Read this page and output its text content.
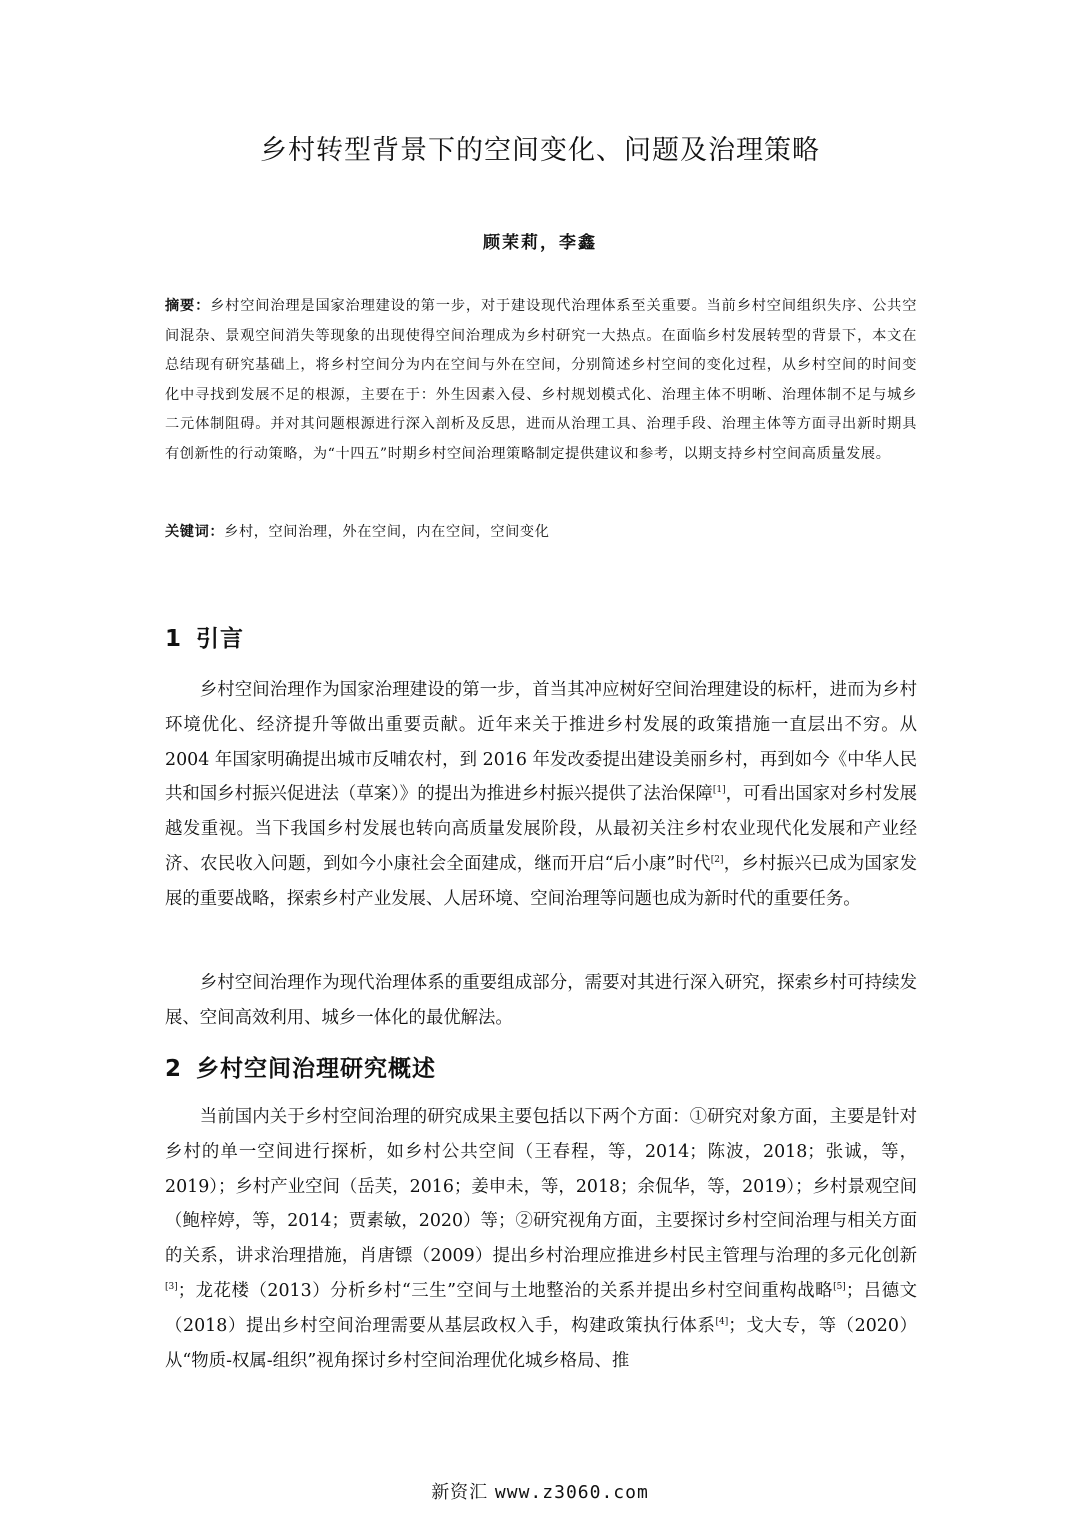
乡村转型背景下的空间变化、问题及治理策略
顾茉莉，李鑫
摘要：乡村空间治理是国家治理建设的第一步，对于建设现代治理体系至关重要。当前乡村空间组织失序、公共空间混杂、景观空间消失等现象的出现使得空间治理成为乡村研究一大热点。在面临乡村发展转型的背景下，本文在总结现有研究基础上，将乡村空间分为内在空间与外在空间，分别简述乡村空间的变化过程，从乡村空间的时间变化中寻找到发展不足的根源，主要在于：外生因素入侵、乡村规划模式化、治理主体不明晰、治理体制不足与城乡二元体制阻碍。并对其问题根源进行深入剖析及反思，进而从治理工具、治理手段、治理主体等方面寻出新时期具有创新性的行动策略，为“十四五”时期乡村空间治理策略制定提供建议和参考，以期支持乡村空间高质量发展。
关键词：乡村，空间治理，外在空间，内在空间，空间变化
1 引言
乡村空间治理作为国家治理建设的第一步，首当其冲应树好空间治理建设的标杆，进而为乡村环境优化、经济提升等做出重要贡献。近年来关于推进乡村发展的政策措施一直层出不穷。从 2004 年国家明确提出城市反哺农村，到 2016 年发改委提出建设美丽乡村，再到如今《中华人民共和国乡村振兴促进法（草案）》的提出为推进乡村振兴提供了法治保障[1]，可看出国家对乡村发展越发重视。当下我国乡村发展也转向高质量发展阶段，从最初关注乡村农业现代化发展和产业经济、农民收入问题，到如今小康社会全面建成，继而开启“后小康”时代[2]，乡村振兴已成为国家发展的重要战略，探索乡村产业发展、人居环境、空间治理等问题也成为新时代的重要任务。
乡村空间治理作为现代治理体系的重要组成部分，需要对其进行深入研究，探索乡村可持续发展、空间高效利用、城乡一体化的最优解法。
2 乡村空间治理研究概述
当前国内关于乡村空间治理的研究成果主要包括以下两个方面：①研究对象方面，主要是针对乡村的单一空间进行探析，如乡村公共空间（王春程，等，2014；陈波，2018；张诚，等，2019）；乡村产业空间（岳芙，2016；姜申未，等，2018；余侃华，等，2019）；乡村景观空间（鲍梓婷，等，2014；贾素敏，2020）等；②研究视角方面，主要探讨乡村空间治理与相关方面的关系，讲求治理措施，肖唐镖（2009）提出乡村治理应推进乡村民主管理与治理的多元化创新[3]；龙花楼（2013）分析乡村“三生”空间与土地整治的关系并提出乡村空间重构战略[5]；吕德文（2018）提出乡村空间治理需要从基层政权入手，构建政策执行体系[4]；戈大专，等（2020）从“物质-权属-组织”视角探讨乡村空间治理优化城乡格局、推
新资汇 www.z3060.com
